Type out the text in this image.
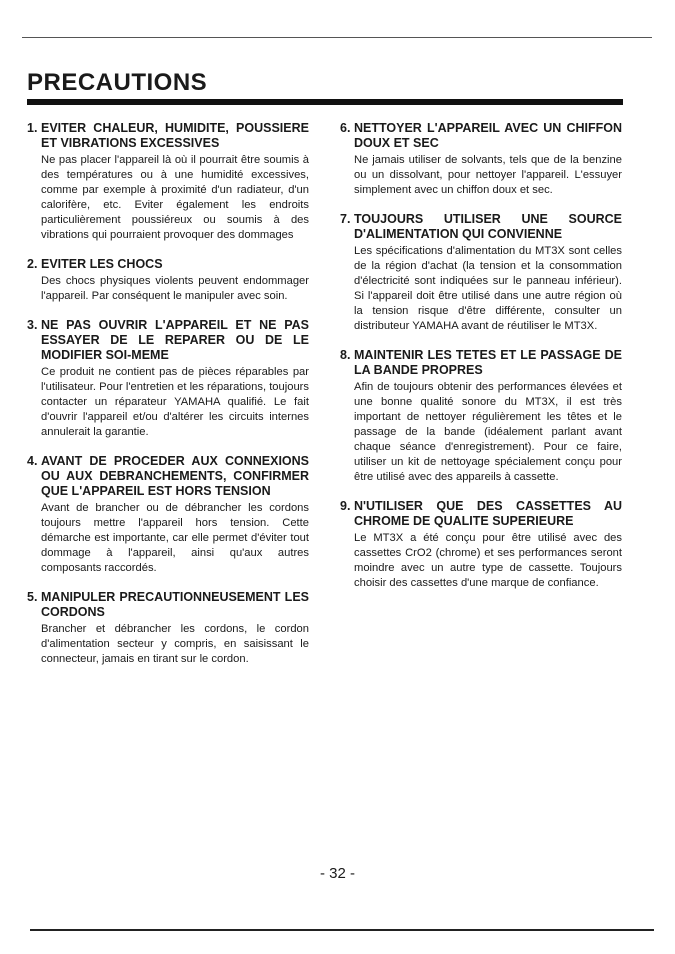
PRECAUTIONS
1. EVITER CHALEUR, HUMIDITE, POUSSIERE ET VIBRATIONS EXCESSIVES

Ne pas placer l'appareil là où il pourrait être soumis à des températures ou à une humidité excessives, comme par exemple à proximité d'un radiateur, d'un calorifère, etc. Eviter également les endroits particulièrement poussiéreux ou soumis à des vibrations qui pourraient provoquer des dommages

2. EVITER LES CHOCS

Des chocs physiques violents peuvent endommager l'appareil. Par conséquent le manipuler avec soin.

3. NE PAS OUVRIR L'APPAREIL ET NE PAS ESSAYER DE LE REPARER OU DE LE MODIFIER SOI-MEME

Ce produit ne contient pas de pièces réparables par l'utilisateur. Pour l'entretien et les réparations, toujours contacter un réparateur YAMAHA qualifié. Le fait d'ouvrir l'appareil et/ou d'altérer les circuits internes annulerait la garantie.

4. AVANT DE PROCEDER AUX CONNEXIONS OU AUX DEBRANCHEMENTS, CONFIRMER QUE L'APPAREIL EST HORS TENSION

Avant de brancher ou de débrancher les cordons toujours mettre l'appareil hors tension. Cette démarche est importante, car elle permet d'éviter tout dommage à l'appareil, ainsi qu'aux autres composants raccordés.

5. MANIPULER PRECAUTIONNEUSEMENT LES CORDONS

Brancher et débrancher les cordons, le cordon d'alimentation secteur y compris, en saisissant le connecteur, jamais en tirant sur le cordon.

6. NETTOYER L'APPAREIL AVEC UN CHIFFON DOUX ET SEC

Ne jamais utiliser de solvants, tels que de la benzine ou un dissolvant, pour nettoyer l'appareil. L'essuyer simplement avec un chiffon doux et sec.

7. TOUJOURS UTILISER UNE SOURCE D'ALIMENTATION QUI CONVIENNE

Les spécifications d'alimentation du MT3X sont celles de la région d'achat (la tension et la consommation d'électricité sont indiquées sur le panneau inférieur). Si l'appareil doit être utilisé dans une autre région où la tension risque d'être différente, consulter un distributeur YAMAHA avant de réutiliser le MT3X.

8. MAINTENIR LES TETES ET LE PASSAGE DE LA BANDE PROPRES

Afin de toujours obtenir des performances élevées et une bonne qualité sonore du MT3X, il est très important de nettoyer régulièrement les têtes et le passage de la bande (idéalement parlant avant chaque séance d'enregistrement). Pour ce faire, utiliser un kit de nettoyage spécialement conçu pour être utilisé avec des appareils à cassette.

9. N'UTILISER QUE DES CASSETTES AU CHROME DE QUALITE SUPERIEURE

Le MT3X a été conçu pour être utilisé avec des cassettes CrO2 (chrome) et ses performances seront moindre avec un autre type de cassette. Toujours choisir des cassettes d'une marque de confiance.

- 32 -
